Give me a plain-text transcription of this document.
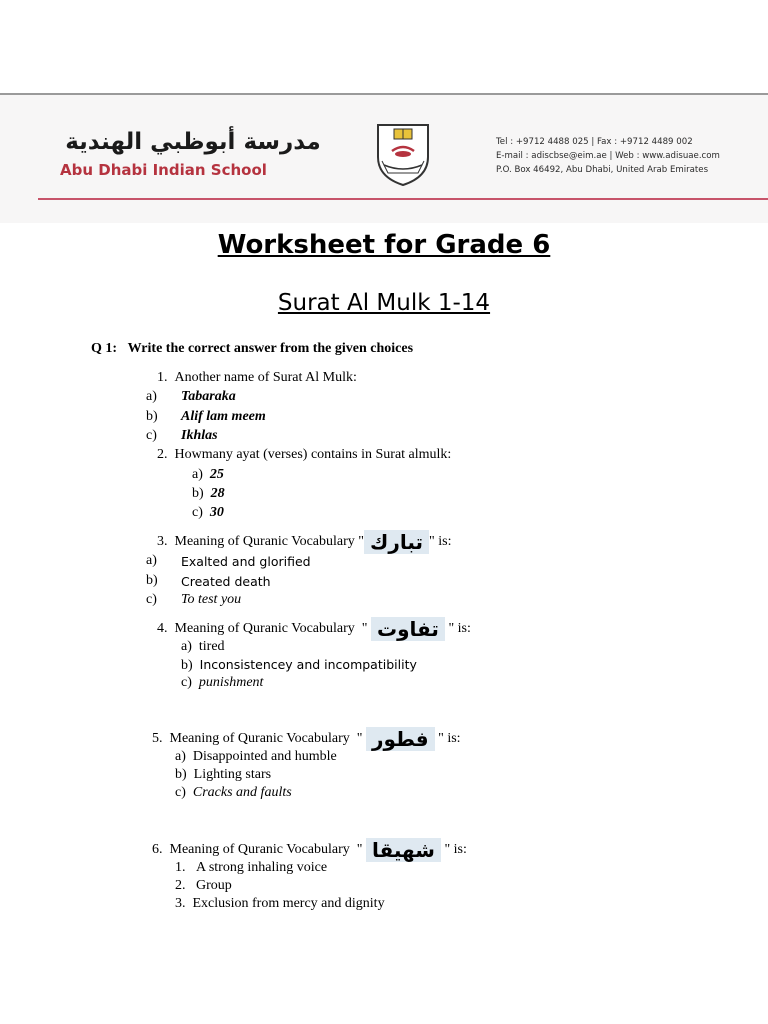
مدرسة أبوظبي الهندية
Abu Dhabi Indian School
Tel : +9712 4488 025 | Fax : +9712 4489 002
E-mail : adiscbse@eim.ae | Web : www.adisuae.com
P.O. Box 46492, Abu Dhabi, United Arab Emirates
Worksheet for Grade 6
Surat Al Mulk 1-14
Q 1: Write the correct answer from the given choices
1. Another name of Surat Al Mulk:
a) Tabaraka
b) Alif lam meem
c) Ikhlas
2. Howmany ayat (verses) contains in Surat almulk:
a) 25
b) 28
c) 30
3. Meaning of Quranic Vocabulary " تبارك " is:
a) Exalted and glorified
b) Created death
c) To test you
4. Meaning of Quranic Vocabulary  " تفاوت " is:
a) tired
b) Inconsistencey and incompatibility
c) punishment
5. Meaning of Quranic Vocabulary  " فطور " is:
a) Disappointed and humble
b) Lighting stars
c) Cracks and faults
6. Meaning of Quranic Vocabulary  " شهيقا " is:
1. A strong inhaling voice
2. Group
3. Exclusion from mercy and dignity
